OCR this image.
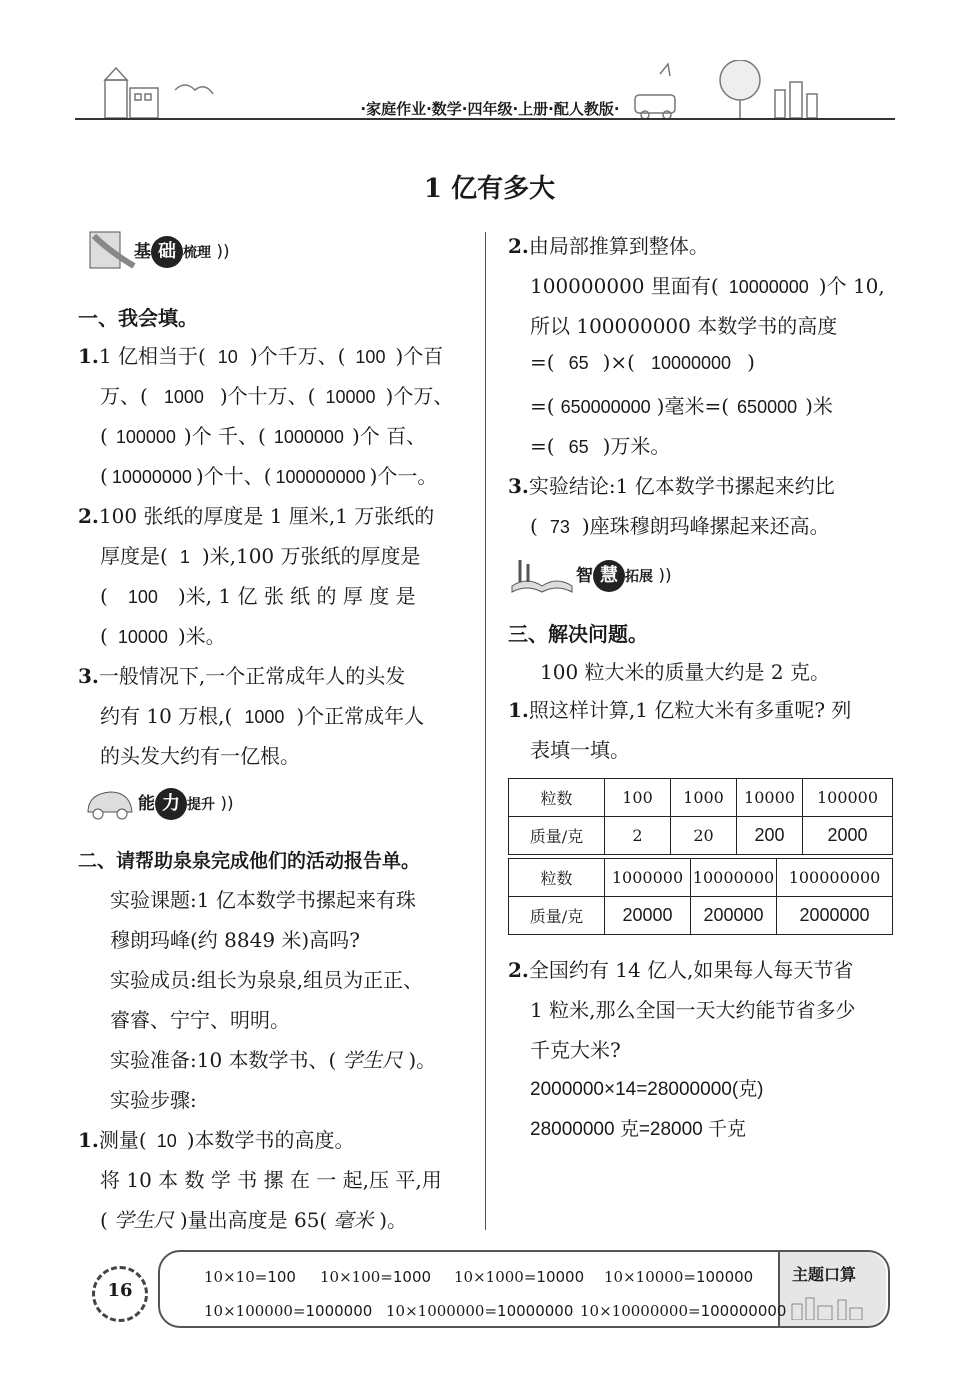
·家庭作业·数学·四年级·上册·配人教版·
1 亿有多大
基 础 梳理 ))
一、我会填。
1.1 亿相当于( 10 )个千万、( 100 )个百
万、( 1000 )个十万、( 10000 )个万、
( 100000 )个 千、( 1000000 )个 百、
( 10000000 )个十、( 100000000 )个一。
2.100 张纸的厚度是 1 厘米,1 万张纸的
厚度是( 1 )米,100 万张纸的厚度是
( 100 )米, 1 亿 张 纸 的 厚 度 是
( 10000 )米。
3.一般情况下,一个正常成年人的头发
约有 10 万根,( 1000 )个正常成年人
的头发大约有一亿根。
能 力 提升 ))
二、请帮助泉泉完成他们的活动报告单。
实验课题:1 亿本数学书摞起来有珠
穆朗玛峰(约 8849 米)高吗?
实验成员:组长为泉泉,组员为正正、
睿睿、宁宁、明明。
实验准备:10 本数学书、( 学生尺 )。
实验步骤:
1.测量( 10 )本数学书的高度。
将 10 本 数 学 书 摞 在 一 起,压 平,用
( 学生尺 )量出高度是 65( 毫米 )。
2.由局部推算到整体。
100000000 里面有( 10000000 )个 10,
所以 100000000 本数学书的高度
=( 65 )×( 10000000 )
=( 650000000 )毫米=( 650000 )米
=( 65 )万米。
3.实验结论:1 亿本数学书摞起来约比
( 73 )座珠穆朗玛峰摞起来还高。
智 慧 拓展 ))
三、解决问题。
100 粒大米的质量大约是 2 克。
1.照这样计算,1 亿粒大米有多重呢? 列
表填一填。
粒数	100	1000	10000	100000
质量/克	2	20	200	2000
粒数	1000000	10000000	100000000
质量/克	20000	200000	2000000
2.全国约有 14 亿人,如果每人每天节省
1 粒米,那么全国一天大约能节省多少
千克大米?
2000000×14=28000000(克)
28000000 克=28000 千克
16
主题口算
10×10=100 10×100=1000 10×1000=10000 10×10000=100000
10×100000=1000000 10×1000000=10000000 10×10000000=100000000
